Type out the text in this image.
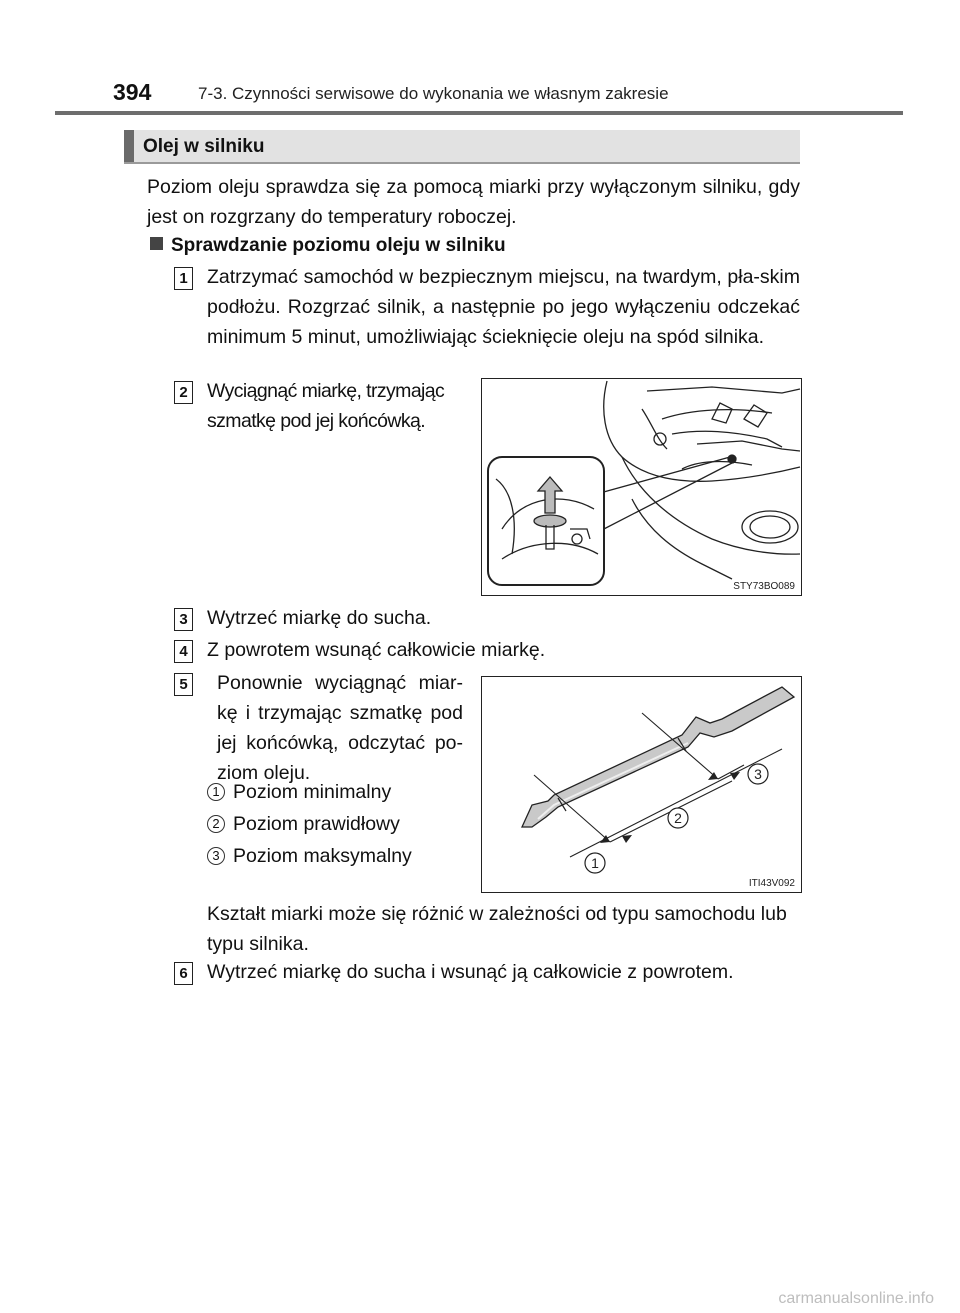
394	7-3. Czynności serwisowe do wykonania we własnym zakresie
Olej w silniku
Poziom oleju sprawdza się za pomocą miarki przy wyłączonym silniku, gdy jest on rozgrzany do temperatury roboczej.
Sprawdzanie poziomu oleju w silniku
1 Zatrzymać samochód w bezpiecznym miejscu, na twardym, pła-skim podłożu. Rozgrzać silnik, a następnie po jego wyłączeniu odczekać minimum 5 minut, umożliwiając ścieknięcie oleju na spód silnika.
2 Wyciągnąć miarkę, trzymając szmatkę pod jej końcówką.
STY73BO089
3 Wytrzeć miarkę do sucha.
4 Z powrotem wsunąć całkowicie miarkę.
5 Ponownie wyciągnąć miar-kę i trzymając szmatkę pod jej końcówką, odczytać po-ziom oleju.
1 Poziom minimalny
2 Poziom prawidłowy
3 Poziom maksymalny	1
2
3
ITI43V092
Kształt miarki może się różnić w zależności od typu samochodu lub typu silnika.
6 Wytrzeć miarkę do sucha i wsunąć ją całkowicie z powrotem.
carmanualsonline.info
